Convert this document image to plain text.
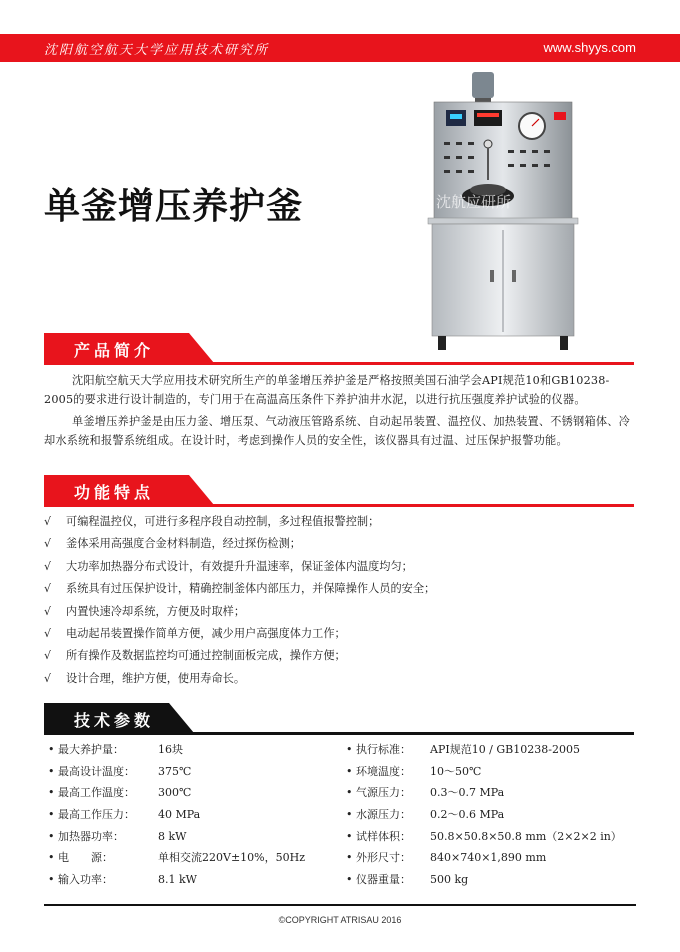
沈阳航空航天大学应用技术研究所	www.shyys.com
单釜增压养护釜	沈航应研所
产品简介
沈阳航空航天大学应用技术研究所生产的单釜增压养护釜是严格按照美国石油学会API规范10和GB10238-2005的要求进行设计制造的，专门用于在高温高压条件下养护油井水泥，以进行抗压强度养护试验的仪器。
单釜增压养护釜是由压力釜、增压泵、气动液压管路系统、自动起吊装置、温控仪、加热装置、不锈钢箱体、冷却水系统和报警系统组成。在设计时，考虑到操作人员的安全性，该仪器具有过温、过压保护报警功能。
功能特点
√ 可编程温控仪，可进行多程序段自动控制，多过程值报警控制；
√ 釜体采用高强度合金材料制造，经过探伤检测；
√ 大功率加热器分布式设计，有效提升升温速率，保证釜体内温度均匀；
√ 系统具有过压保护设计，精确控制釜体内部压力，并保障操作人员的安全；
√ 内置快速冷却系统，方便及时取样；
√ 电动起吊装置操作简单方便，减少用户高强度体力工作；
√ 所有操作及数据监控均可通过控制面板完成，操作方便；
√ 设计合理，维护方便，使用寿命长。
技术参数
• 最大养护量：	16块
• 最高设计温度： 375℃
• 最高工作温度： 300℃
• 最高工作压力： 40 MPa
• 加热器功率：	8 kW
• 电　　源：	单相交流220V±10%，50Hz
• 输入功率：	8.1 kW
• 执行标准： API规范10 / GB10238-2005
• 环境温度： 10～50℃
• 气源压力： 0.3～0.7 MPa
• 水源压力： 0.2～0.6 MPa
• 试样体积： 50.8×50.8×50.8 mm（2×2×2 in）
• 外形尺寸： 840×740×1,890 mm
• 仪器重量： 500 kg
©COPYRIGHT ATRISAU 2016
